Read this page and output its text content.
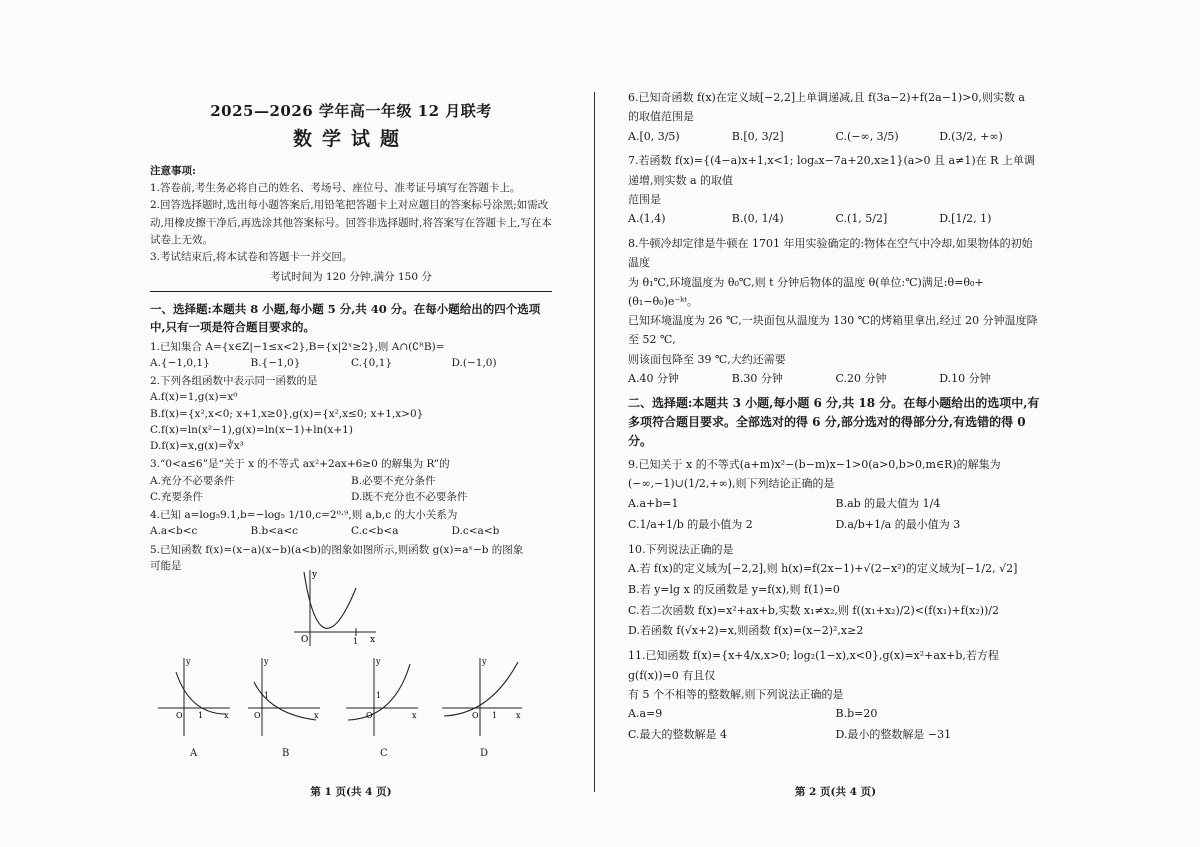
2025—2026 学年高一年级 12 月联考
数学试题
注意事项:
1.答卷前,考生务必将自己的姓名、考场号、座位号、准考证号填写在答题卡上。
2.回答选择题时,选出每小题答案后,用铅笔把答题卡上对应题目的答案标号涂黑;如需改动,用橡皮擦干净后,再选涂其他答案标号。回答非选择题时,将答案写在答题卡上,写在本试卷上无效。
3.考试结束后,将本试卷和答题卡一并交回。
考试时间为 120 分钟,满分 150 分
一、选择题:本题共 8 小题,每小题 5 分,共 40 分。在每小题给出的四个选项中,只有一项是符合题目要求的。
1.已知集合 A={x∈Z|−1≤x<2},B={x|2ˣ≥2},则 A∩(∁ᴿB)=
A.{−1,0,1}	B.{−1,0}	C.{0,1}	D.(−1,0)
2.下列各组函数中表示同一函数的是
A.f(x)=1,g(x)=x⁰
B.f(x)={x²,x<0; x+1,x≥0},g(x)={x²,x≤0; x+1,x>0}
C.f(x)=ln(x²−1),g(x)=ln(x−1)+ln(x+1)
D.f(x)=x,g(x)=∛x³
3.“0<a≤6”是“关于 x 的不等式 ax²+2ax+6≥0 的解集为 R”的
A.充分不必要条件	B.必要不充分条件
C.充要条件	D.既不充分也不必要条件
4.已知 a=log₅9.1,b=−log₅ 1/10,c=2⁰·⁹,则 a,b,c 的大小关系为
A.a<b<c	B.b<a<c	C.c<b<a	D.c<a<b
5.已知函数 f(x)=(x−a)(x−b)(a<b)的图象如图所示,则函数 g(x)=aˣ−b 的图象
可能是
y
x
O	1
y
x
O 1
y
x
O
1
y
x
O
1
y
x
O 1
A	B	C	D
第 1 页(共 4 页)
6.已知奇函数 f(x)在定义域[−2,2]上单调递减,且 f(3a−2)+f(2a−1)>0,则实数 a
的取值范围是
A.[0, 3/5)	B.[0, 3/2]	C.(−∞, 3/5)	D.(3/2, +∞)
7.若函数 f(x)={(4−a)x+1,x<1; logₐx−7a+20,x≥1}(a>0 且 a≠1)在 R 上单调递增,则实数 a 的取值
范围是
A.(1,4)	B.(0, 1/4)	C.(1, 5/2]	D.[1/2, 1)
8.牛顿冷却定律是牛顿在 1701 年用实验确定的:物体在空气中冷却,如果物体的初始温度
为 θ₁℃,环境温度为 θ₀℃,则 t 分钟后物体的温度 θ(单位:℃)满足:θ=θ₀+(θ₁−θ₀)e⁻ᵏᵗ。
已知环境温度为 26 ℃,一块面包从温度为 130 ℃的烤箱里拿出,经过 20 分钟温度降至 52 ℃,
则该面包降至 39 ℃,大约还需要
A.40 分钟	B.30 分钟	C.20 分钟	D.10 分钟
二、选择题:本题共 3 小题,每小题 6 分,共 18 分。在每小题给出的选项中,有多项符合题目要求。全部选对的得 6 分,部分选对的得部分分,有选错的得 0 分。
9.已知关于 x 的不等式(a+m)x²−(b−m)x−1>0(a>0,b>0,m∈R)的解集为
(−∞,−1)∪(1/2,+∞),则下列结论正确的是
A.a+b=1	B.ab 的最大值为 1/4
C.1/a+1/b 的最小值为 2	D.a/b+1/a 的最小值为 3
10.下列说法正确的是
A.若 f(x)的定义域为[−2,2],则 h(x)=f(2x−1)+√(2−x²)的定义域为[−1/2, √2]
B.若 y=lg x 的反函数是 y=f(x),则 f(1)=0
C.若二次函数 f(x)=x²+ax+b,实数 x₁≠x₂,则 f((x₁+x₂)/2)<(f(x₁)+f(x₂))/2
D.若函数 f(√x+2)=x,则函数 f(x)=(x−2)²,x≥2
11.已知函数 f(x)={x+4/x,x>0; log₂(1−x),x<0},g(x)=x²+ax+b,若方程 g(f(x))=0 有且仅
有 5 个不相等的整数解,则下列说法正确的是
A.a=9	B.b=20
C.最大的整数解是 4	D.最小的整数解是 −31
第 2 页(共 4 页)
